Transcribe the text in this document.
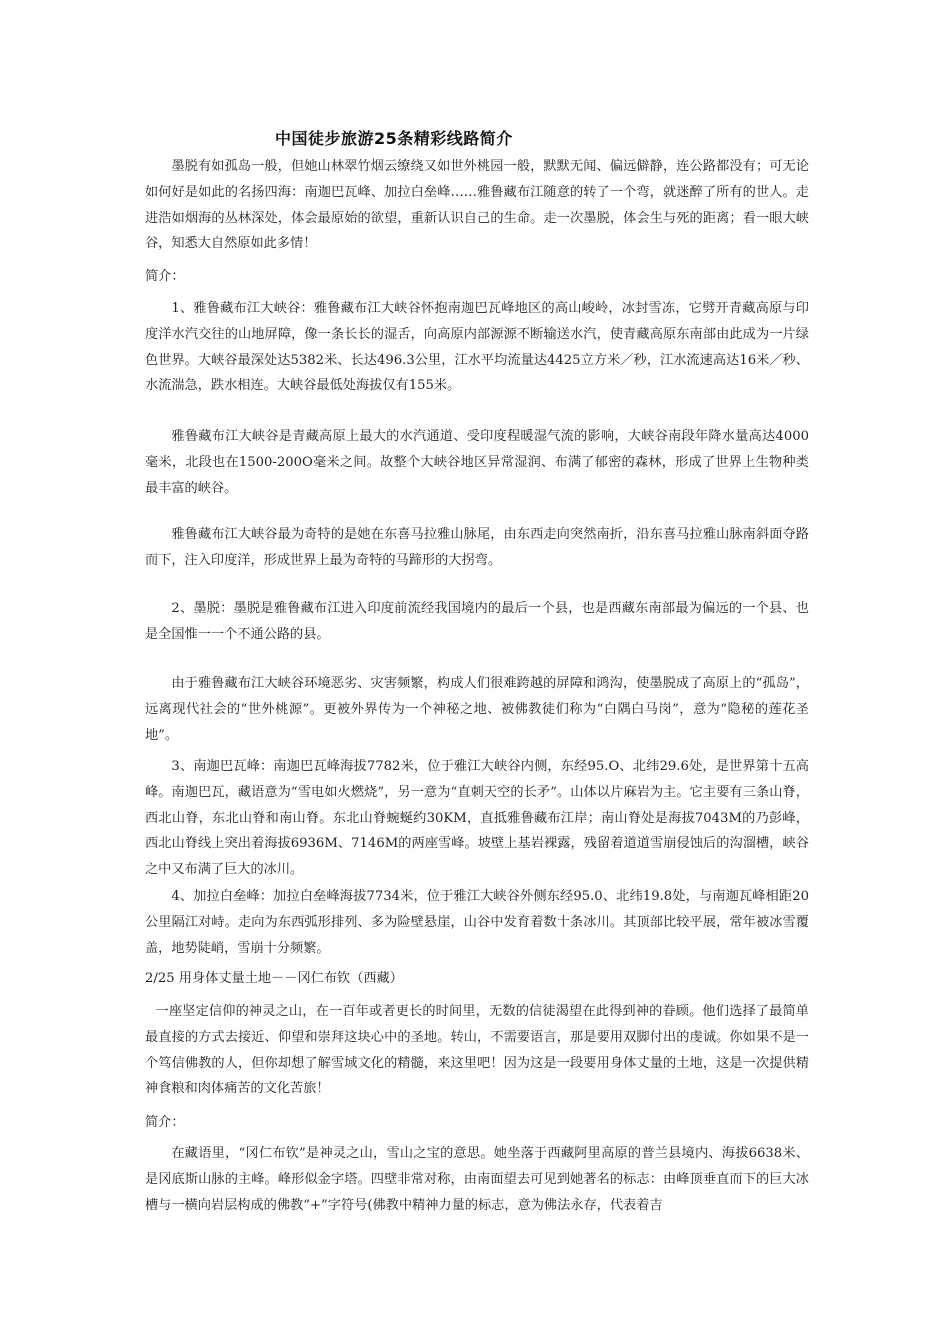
中国徒步旅游25条精彩线路简介

墨脱有如孤岛一般，但她山林翠竹烟云缭绕又如世外桃园一般，默默无闻、偏远僻静，连公路都没有；可无论如何好是如此的名扬四海：南迦巴瓦峰、加拉白垒峰……雅鲁藏布江随意的转了一个弯，就迷醉了所有的世人。走进浩如烟海的丛林深处，体会最原始的欲望，重新认识自己的生命。走一次墨脱，体会生与死的距离；看一眼大峡谷，知悉大自然原如此多情！

简介：

1、雅鲁藏布江大峡谷：雅鲁藏布江大峡谷怀抱南迦巴瓦峰地区的高山峻岭，冰封雪冻，它劈开青藏高原与印度洋水汽交往的山地屏障，像一条长长的湿舌，向高原内部源源不断输送水汽，使青藏高原东南部由此成为一片绿色世界。大峡谷最深处达5382米、长达496.3公里，江水平均流量达4425立方米／秒，江水流速高达16米／秒、水流湍急，跌水相连。大峡谷最低处海拔仅有155米。

雅鲁藏布江大峡谷是青藏高原上最大的水汽通道、受印度程暖湿气流的影响，大峡谷南段年降水量高达4000毫米，北段也在1500-200O毫米之间。故整个大峡谷地区异常湿润、布满了郁密的森林，形成了世界上生物种类最丰富的峡谷。

雅鲁藏布江大峡谷最为奇特的是她在东喜马拉雅山脉尾，由东西走向突然南折，沿东喜马拉雅山脉南斜面夺路而下，注入印度洋，形成世界上最为奇特的马蹄形的大拐弯。

2、墨脱：墨脱是雅鲁藏布江进入印度前流经我国境内的最后一个县，也是西藏东南部最为偏远的一个县、也是全国惟一一个不通公路的县。

由于雅鲁藏布江大峡谷环境恶劣、灾害频繁，构成人们很难跨越的屏障和鸿沟，使墨脱成了高原上的“孤岛”，远离现代社会的“世外桃源”。更被外界传为一个神秘之地、被佛教徒们称为“白隅白马岗”，意为“隐秘的莲花圣地”。

3、南迦巴瓦峰：南迦巴瓦峰海拔7782米，位于雅江大峡谷内侧，东经95.O、北纬29.6处，是世界第十五高峰。南迦巴瓦，藏语意为“雪电如火燃烧”，另一意为“直刺天空的长矛”。山体以片麻岩为主。它主要有三条山脊，西北山脊，东北山脊和南山脊。东北山脊蜿蜒约30KM，直抵雅鲁藏布江岸；南山脊处是海拔7043M的乃彭峰，西北山脊线上突出着海拔6936M、7146M的两座雪峰。坡壁上基岩裸露，残留着道道雪崩侵蚀后的沟溜槽，峡谷之中又布满了巨大的冰川。

4、加拉白垒峰：加拉白垒峰海拔7734米，位于雅江大峡谷外侧东经95.0、北纬19.8处，与南迦瓦峰相距20公里隔江对峙。走向为东西弧形排列、多为险壁悬崖，山谷中发育着数十条冰川。其顶部比较平展，常年被冰雪覆盖，地势陡峭，雪崩十分频繁。

2/25 用身体丈量土地－－冈仁布钦（西藏）

一座坚定信仰的神灵之山，在一百年或者更长的时间里，无数的信徒渴望在此得到神的眷顾。他们选择了最简单最直接的方式去接近、仰望和崇拜这块心中的圣地。转山，不需要语言，那是要用双脚付出的虔诚。你如果不是一个笃信佛教的人，但你却想了解雪域文化的精髓，来这里吧！因为这是一段要用身体丈量的土地，这是一次提供精神食粮和肉体痛苦的文化苦旅！

简介：

在藏语里，“冈仁布钦”是神灵之山，雪山之宝的意思。她坐落于西藏阿里高原的普兰县境内、海拔6638米、是冈底斯山脉的主峰。峰形似金字塔。四壁非常对称，由南面望去可见到她著名的标志：由峰顶垂直而下的巨大冰槽与一横向岩层构成的佛教“+”字符号(佛教中精神力量的标志，意为佛法永存，代表着吉
